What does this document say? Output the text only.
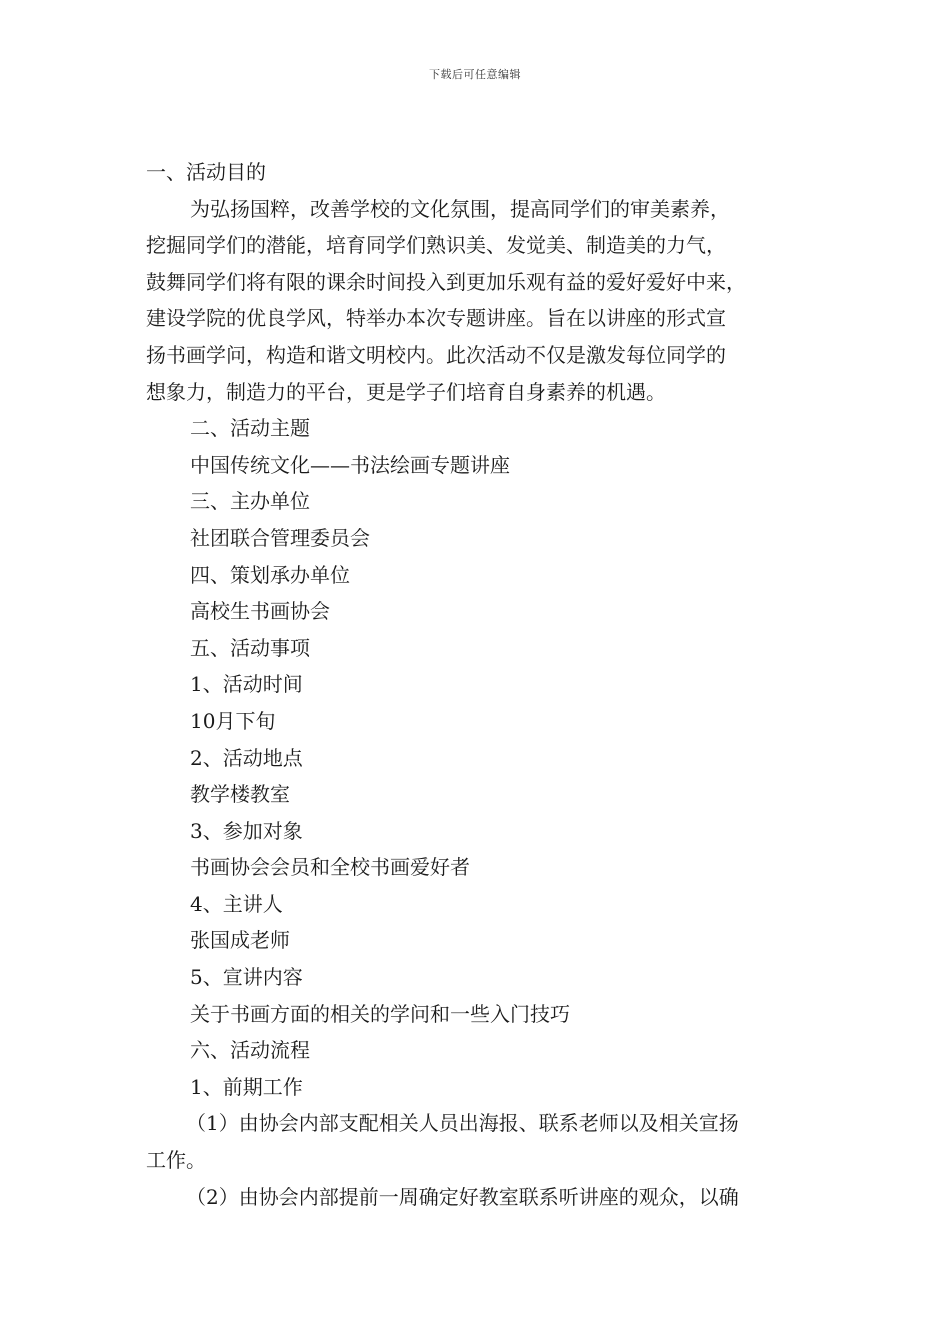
下载后可任意编辑
一、活动目的
为弘扬国粹，改善学校的文化氛围，提高同学们的审美素养，
挖掘同学们的潜能，培育同学们熟识美、发觉美、制造美的力气，
鼓舞同学们将有限的课余时间投入到更加乐观有益的爱好爱好中来，
建设学院的优良学风，特举办本次专题讲座。旨在以讲座的形式宣
扬书画学问，构造和谐文明校内。此次活动不仅是激发每位同学的
想象力，制造力的平台，更是学子们培育自身素养的机遇。
二、活动主题
中国传统文化——书法绘画专题讲座
三、主办单位
社团联合管理委员会
四、策划承办单位
高校生书画协会
五、活动事项
1、活动时间
10月下旬
2、活动地点
教学楼教室
3、参加对象
书画协会会员和全校书画爱好者
4、主讲人
张国成老师
5、宣讲内容
关于书画方面的相关的学问和一些入门技巧
六、活动流程
1、前期工作
（1）由协会内部支配相关人员出海报、联系老师以及相关宣扬
工作。
（2）由协会内部提前一周确定好教室联系听讲座的观众，以确
